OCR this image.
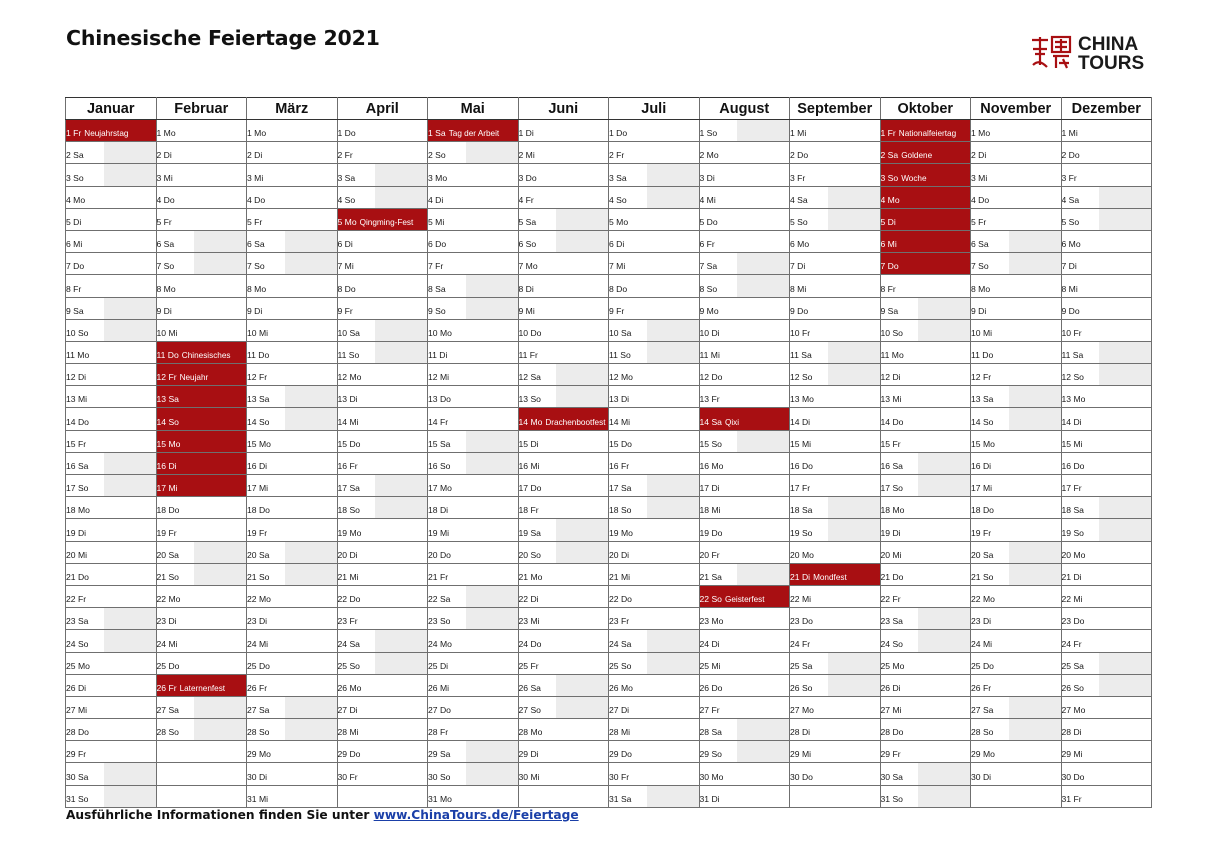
Chinesische Feiertage 2021	CHINA
TOURS
Januar	Februar	März	April	Mai	Juni	Juli	August	September	Oktober	November	Dezember

1 Fr Neujahrstag	1 Mo	1 Mo	1 Do	1 Sa Tag der Arbeit	1 Di	1 Do	1 So	1 Mi	1 Fr Nationalfeiertag	1 Mo	1 Mi

2 Sa	2 Di	2 Di	2 Fr	2 So	2 Mi	2 Fr	2 Mo	2 Do	2 Sa Goldene	2 Di	2 Do

3 So	3 Mi	3 Mi	3 Sa	3 Mo	3 Do	3 Sa	3 Di	3 Fr	3 So Woche	3 Mi	3 Fr

4 Mo	4 Do	4 Do	4 So	4 Di	4 Fr	4 So	4 Mi	4 Sa	4 Mo	4 Do	4 Sa

5 Di	5 Fr	5 Fr	5 Mo Qingming-Fest	5 Mi	5 Sa	5 Mo	5 Do	5 So	5 Di	5 Fr	5 So

6 Mi	6 Sa	6 Sa	6 Di	6 Do	6 So	6 Di	6 Fr	6 Mo	6 Mi	6 Sa	6 Mo

7 Do	7 So	7 So	7 Mi	7 Fr	7 Mo	7 Mi	7 Sa	7 Di	7 Do	7 So	7 Di

8 Fr	8 Mo	8 Mo	8 Do	8 Sa	8 Di	8 Do	8 So	8 Mi	8 Fr	8 Mo	8 Mi

9 Sa	9 Di	9 Di	9 Fr	9 So	9 Mi	9 Fr	9 Mo	9 Do	9 Sa	9 Di	9 Do

10 So	10 Mi	10 Mi	10 Sa	10 Mo	10 Do	10 Sa	10 Di	10 Fr	10 So	10 Mi	10 Fr

11 Mo	11 Do Chinesisches	11 Do	11 So	11 Di	11 Fr	11 So	11 Mi	11 Sa	11 Mo	11 Do	11 Sa

12 Di	12 Fr Neujahr	12 Fr	12 Mo	12 Mi	12 Sa	12 Mo	12 Do	12 So	12 Di	12 Fr	12 So

13 Mi	13 Sa	13 Sa	13 Di	13 Do	13 So	13 Di	13 Fr	13 Mo	13 Mi	13 Sa	13 Mo

14 Do	14 So	14 So	14 Mi	14 Fr	14 Mo Drachenbootfest	14 Mi	14 Sa Qixi	14 Di	14 Do	14 So	14 Di

15 Fr	15 Mo	15 Mo	15 Do	15 Sa	15 Di	15 Do	15 So	15 Mi	15 Fr	15 Mo	15 Mi

16 Sa	16 Di	16 Di	16 Fr	16 So	16 Mi	16 Fr	16 Mo	16 Do	16 Sa	16 Di	16 Do

17 So	17 Mi	17 Mi	17 Sa	17 Mo	17 Do	17 Sa	17 Di	17 Fr	17 So	17 Mi	17 Fr

18 Mo	18 Do	18 Do	18 So	18 Di	18 Fr	18 So	18 Mi	18 Sa	18 Mo	18 Do	18 Sa

19 Di	19 Fr	19 Fr	19 Mo	19 Mi	19 Sa	19 Mo	19 Do	19 So	19 Di	19 Fr	19 So

20 Mi	20 Sa	20 Sa	20 Di	20 Do	20 So	20 Di	20 Fr	20 Mo	20 Mi	20 Sa	20 Mo

21 Do	21 So	21 So	21 Mi	21 Fr	21 Mo	21 Mi	21 Sa	21 Di Mondfest	21 Do	21 So	21 Di

22 Fr	22 Mo	22 Mo	22 Do	22 Sa	22 Di	22 Do	22 So Geisterfest	22 Mi	22 Fr	22 Mo	22 Mi

23 Sa	23 Di	23 Di	23 Fr	23 So	23 Mi	23 Fr	23 Mo	23 Do	23 Sa	23 Di	23 Do

24 So	24 Mi	24 Mi	24 Sa	24 Mo	24 Do	24 Sa	24 Di	24 Fr	24 So	24 Mi	24 Fr

25 Mo	25 Do	25 Do	25 So	25 Di	25 Fr	25 So	25 Mi	25 Sa	25 Mo	25 Do	25 Sa

26 Di	26 Fr Laternenfest	26 Fr	26 Mo	26 Mi	26 Sa	26 Mo	26 Do	26 So	26 Di	26 Fr	26 So

27 Mi	27 Sa	27 Sa	27 Di	27 Do	27 So	27 Di	27 Fr	27 Mo	27 Mi	27 Sa	27 Mo

28 Do	28 So	28 So	28 Mi	28 Fr	28 Mo	28 Mi	28 Sa	28 Di	28 Do	28 So	28 Di

29 Fr		29 Mo	29 Do	29 Sa	29 Di	29 Do	29 So	29 Mi	29 Fr	29 Mo	29 Mi

30 Sa		30 Di	30 Fr	30 So	30 Mi	30 Fr	30 Mo	30 Do	30 Sa	30 Di	30 Do

31 So		31 Mi		31 Mo		31 Sa	31 Di		31 So		31 Fr

Ausführliche Informationen finden Sie unter www.ChinaTours.de/Feiertage
